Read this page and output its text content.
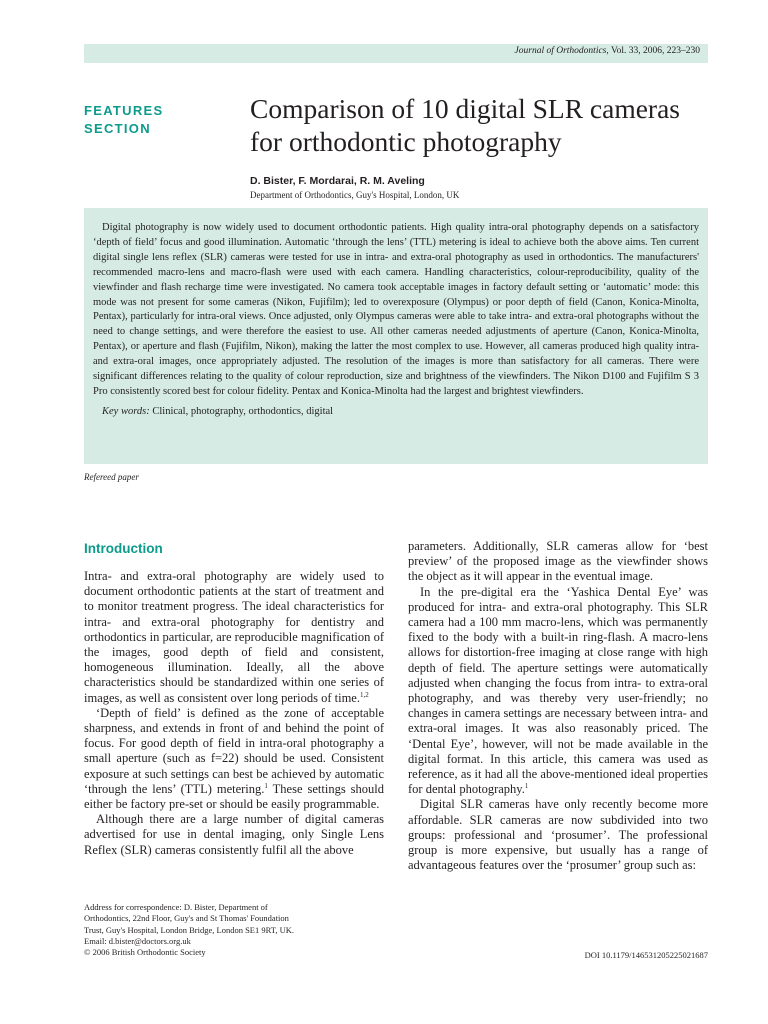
Journal of Orthodontics, Vol. 33, 2006, 223–230
FEATURES
SECTION
Comparison of 10 digital SLR cameras
for orthodontic photography
D. Bister, F. Mordarai, R. M. Aveling
Department of Orthodontics, Guy's Hospital, London, UK

Digital photography is now widely used to document orthodontic patients. High quality intra-oral photography depends on a satisfactory ‘depth of field’ focus and good illumination. Automatic ‘through the lens’ (TTL) metering is ideal to achieve both the above aims. Ten current digital single lens reflex (SLR) cameras were tested for use in intra- and extra-oral photography as used in orthodontics. The manufacturers' recommended macro-lens and macro-flash were used with each camera. Handling characteristics, colour-reproducibility, quality of the viewfinder and flash recharge time were investigated. No camera took acceptable images in factory default setting or ‘automatic’ mode: this mode was not present for some cameras (Nikon, Fujifilm); led to overexposure (Olympus) or poor depth of field (Canon, Konica-Minolta, Pentax), particularly for intra-oral views. Once adjusted, only Olympus cameras were able to take intra- and extra-oral photographs without the need to change settings, and were therefore the easiest to use. All other cameras needed adjustments of aperture (Canon, Konica-Minolta, Pentax), or aperture and flash (Fujifilm, Nikon), making the latter the most complex to use. However, all cameras produced high quality intra- and extra-oral images, once appropriately adjusted. The resolution of the images is more than satisfactory for all cameras. There were significant differences relating to the quality of colour reproduction, size and brightness of the viewfinders. The Nikon D100 and Fujifilm S 3 Pro consistently scored best for colour fidelity. Pentax and Konica-Minolta had the largest and brightest viewfinders.

Key words: Clinical, photography, orthodontics, digital
Refereed paper
Introduction

Intra- and extra-oral photography are widely used to document orthodontic patients at the start of treatment and to monitor treatment progress. The ideal characteristics for intra- and extra-oral photography for dentistry and orthodontics in particular, are reproducible magnification of the images, good depth of field and consistent, homogeneous illumination. Ideally, all the above characteristics should be standardized within one series of images, as well as consistent over long periods of time.$^{1,2}$

‘Depth of field’ is defined as the zone of acceptable sharpness, and extends in front of and behind the point of focus. For good depth of field in intra-oral photography a small aperture (such as f=22) should be used. Consistent exposure at such settings can best be achieved by automatic ‘through the lens’ (TTL) metering.$^1$ These settings should either be factory pre-set or should be easily programmable.

Although there are a large number of digital cameras advertised for use in dental imaging, only Single Lens Reflex (SLR) cameras consistently fulfil all the above

parameters. Additionally, SLR cameras allow for ‘best preview’ of the proposed image as the viewfinder shows the object as it will appear in the eventual image.

In the pre-digital era the ‘Yashica Dental Eye’ was produced for intra- and extra-oral photography. This SLR camera had a 100 mm macro-lens, which was permanently fixed to the body with a built-in ring-flash. A macro-lens allows for distortion-free imaging at close range with high depth of field. The aperture settings were automatically adjusted when changing the focus from intra- to extra-oral photography, and was thereby very user-friendly; no changes in camera settings are necessary between intra- and extra-oral images. It was also reasonably priced. The ‘Dental Eye’, however, will not be made available in the digital format. In this article, this camera was used as reference, as it had all the above-mentioned ideal properties for dental photography.$^1$

Digital SLR cameras have only recently become more affordable. SLR cameras are now subdivided into two groups: professional and ‘prosumer’. The professional group is more expensive, but usually has a range of advantageous features over the ‘prosumer’ group such as:

Address for correspondence: D. Bister, Department of

Orthodontics, 22nd Floor, Guy's and St Thomas' Foundation

Trust, Guy's Hospital, London Bridge, London SE1 9RT, UK.

Email: d.bister@doctors.org.uk

© 2006 British Orthodontic Society	DOI 10.1179/146531205225021687
